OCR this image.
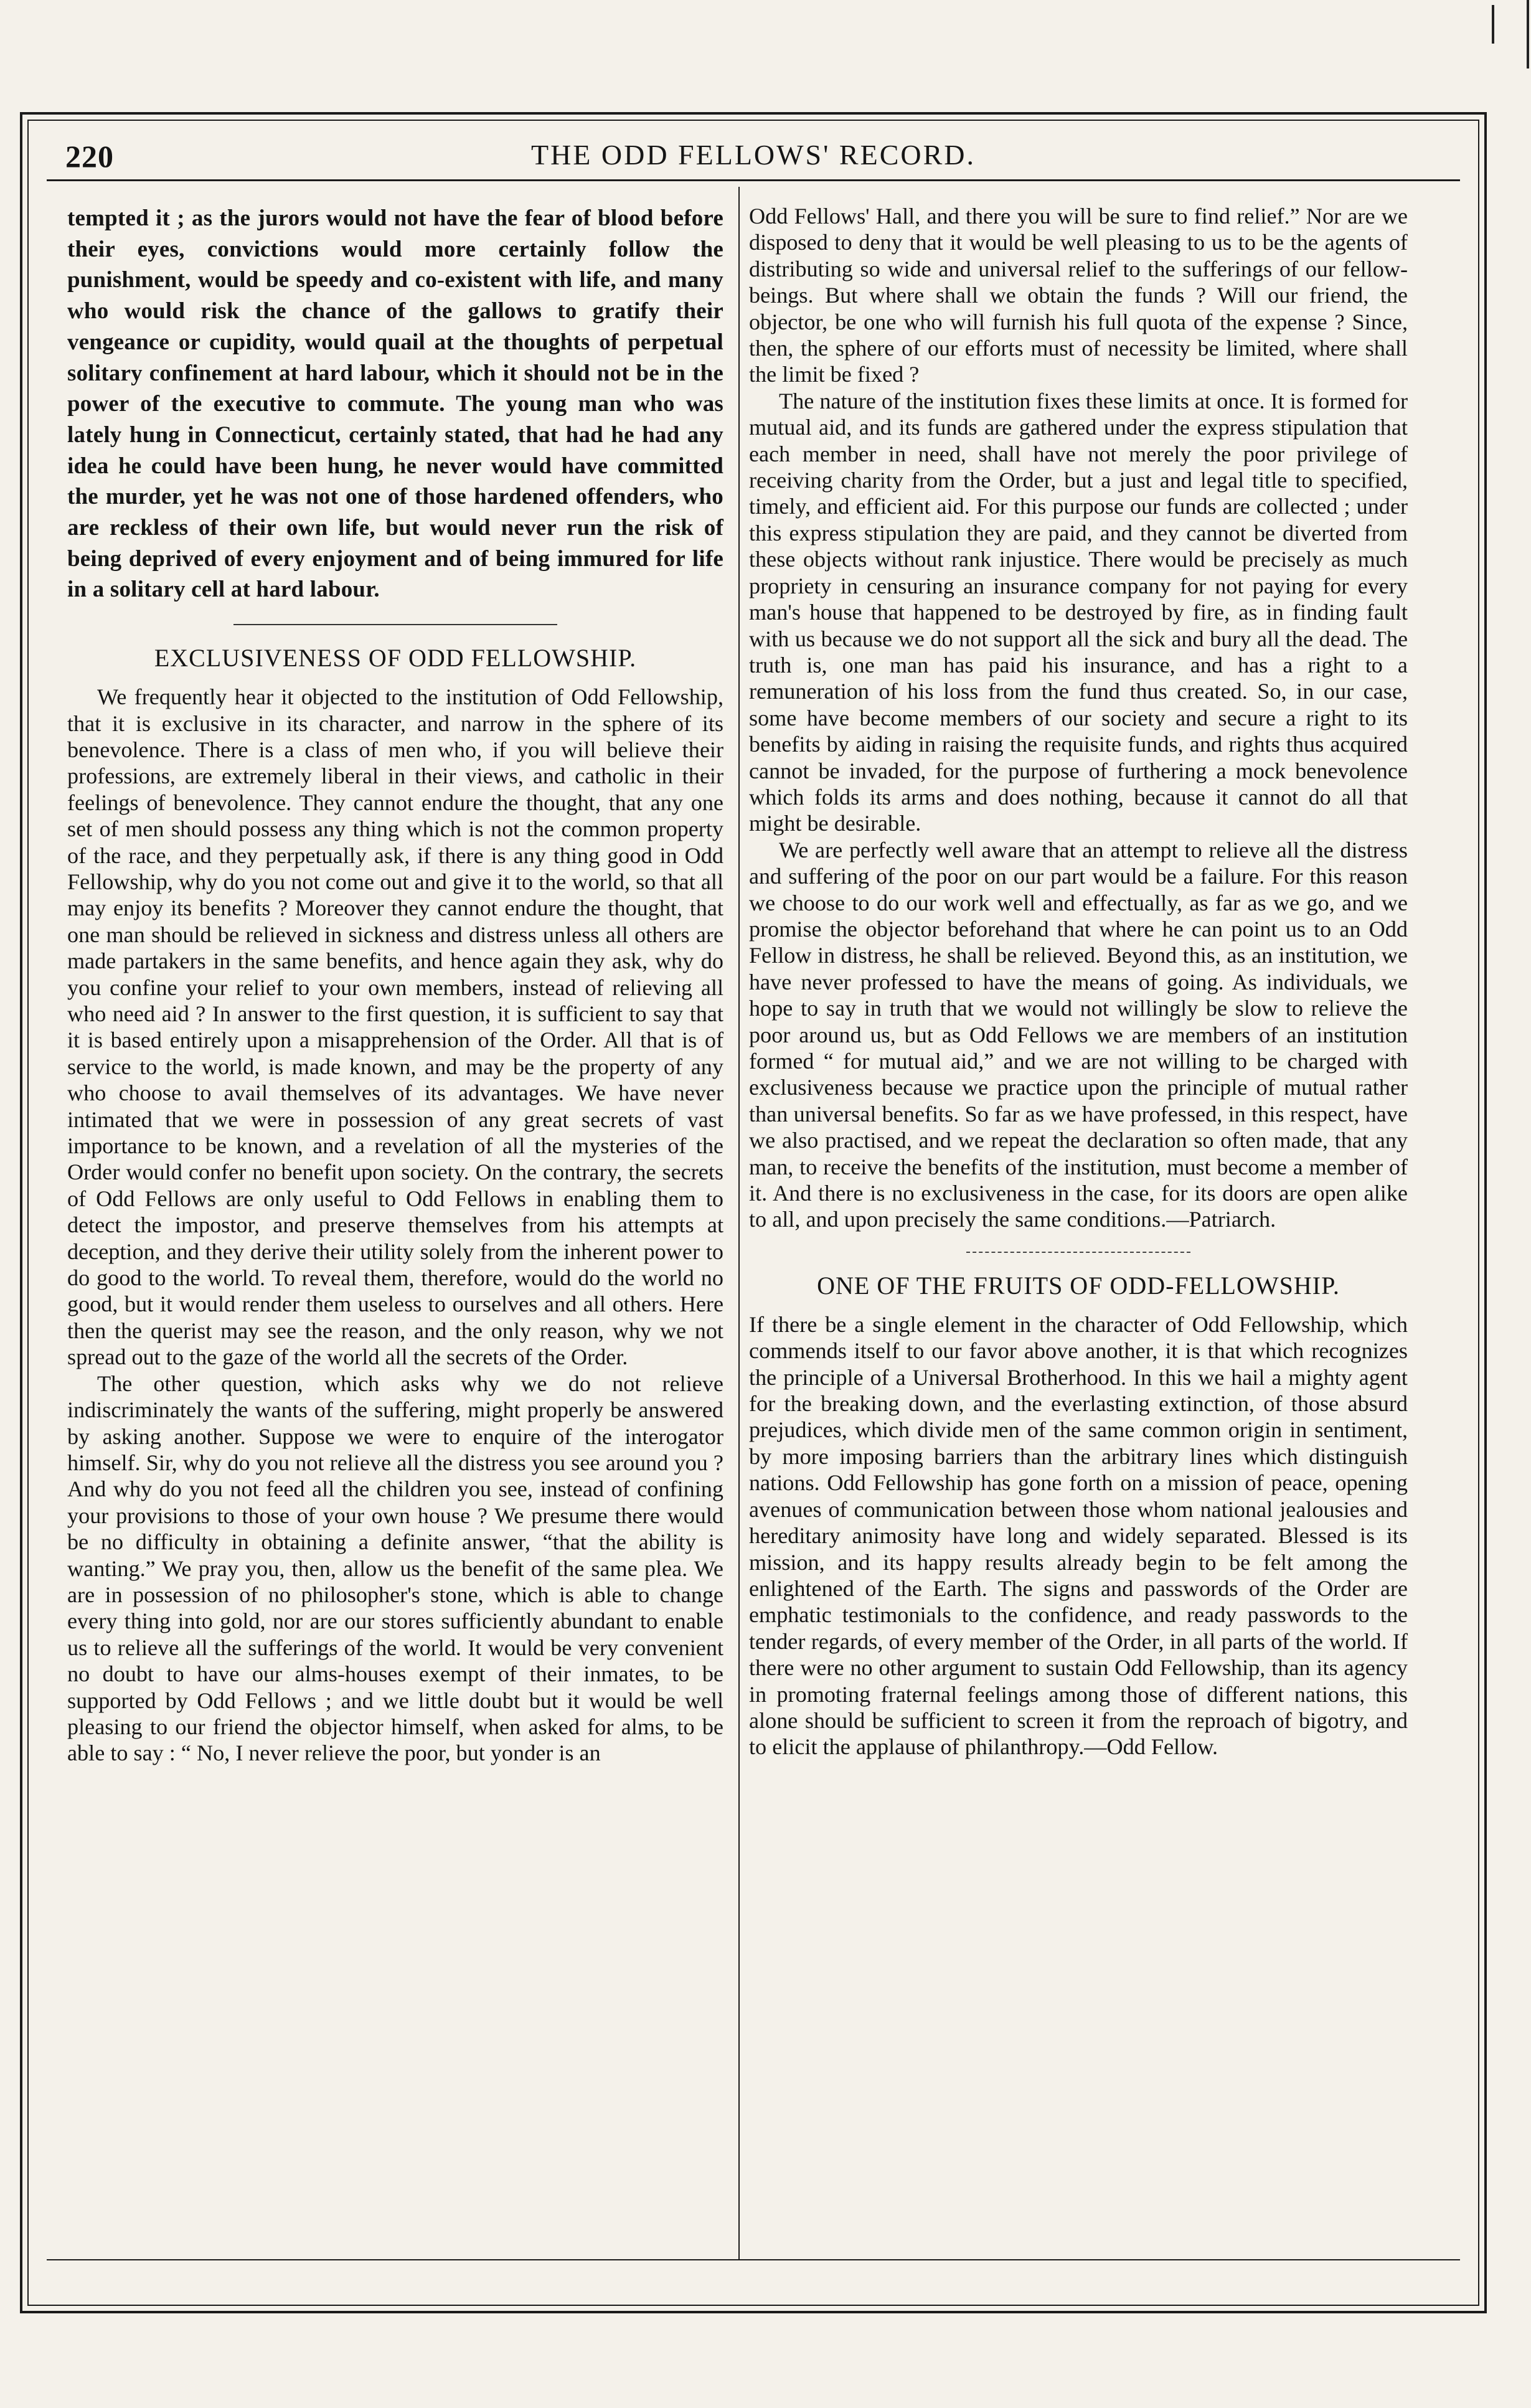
220	THE ODD FELLOWS' RECORD.

tempted it ; as the jurors would not have the fear of blood before their eyes, convictions would more certainly follow the punishment, would be speedy and co-existent with life, and many who would risk the chance of the gallows to gratify their vengeance or cupidity, would quail at the thoughts of perpetual solitary confinement at hard labour, which it should not be in the power of the executive to commute. The young man who was lately hung in Connecticut, certainly stated, that had he had any idea he could have been hung, he never would have committed the murder, yet he was not one of those hardened offenders, who are reckless of their own life, but would never run the risk of being deprived of every enjoyment and of being immured for life in a solitary cell at hard labour.

EXCLUSIVENESS OF ODD FELLOWSHIP.

We frequently hear it objected to the institution of Odd Fellowship, that it is exclusive in its character, and narrow in the sphere of its benevolence. There is a class of men who, if you will believe their professions, are extremely liberal in their views, and catholic in their feelings of benevolence. They cannot endure the thought, that any one set of men should possess any thing which is not the common property of the race, and they perpetually ask, if there is any thing good in Odd Fellowship, why do you not come out and give it to the world, so that all may enjoy its benefits ? Moreover they cannot endure the thought, that one man should be relieved in sickness and distress unless all others are made partakers in the same benefits, and hence again they ask, why do you confine your relief to your own members, instead of relieving all who need aid ? In answer to the first question, it is sufficient to say that it is based entirely upon a misapprehension of the Order. All that is of service to the world, is made known, and may be the property of any who choose to avail themselves of its advantages. We have never intimated that we were in possession of any great secrets of vast importance to be known, and a revelation of all the mysteries of the Order would confer no benefit upon society. On the contrary, the secrets of Odd Fellows are only useful to Odd Fellows in enabling them to detect the impostor, and preserve themselves from his attempts at deception, and they derive their utility solely from the inherent power to do good to the world. To reveal them, therefore, would do the world no good, but it would render them useless to ourselves and all others. Here then the querist may see the reason, and the only reason, why we not spread out to the gaze of the world all the secrets of the Order.

The other question, which asks why we do not relieve indiscriminately the wants of the suffering, might properly be answered by asking another. Suppose we were to enquire of the interogator himself. Sir, why do you not relieve all the distress you see around you ? And why do you not feed all the children you see, instead of confining your provisions to those of your own house ? We presume there would be no difficulty in obtaining a definite answer, “that the ability is wanting.” We pray you, then, allow us the benefit of the same plea. We are in possession of no philosopher's stone, which is able to change every thing into gold, nor are our stores sufficiently abundant to enable us to relieve all the sufferings of the world. It would be very convenient no doubt to have our alms-houses exempt of their inmates, to be supported by Odd Fellows ; and we little doubt but it would be well pleasing to our friend the objector himself, when asked for alms, to be able to say : “ No, I never relieve the poor, but yonder is an

Odd Fellows' Hall, and there you will be sure to find relief.” Nor are we disposed to deny that it would be well pleasing to us to be the agents of distributing so wide and universal relief to the sufferings of our fellow-beings. But where shall we obtain the funds ? Will our friend, the objector, be one who will furnish his full quota of the expense ? Since, then, the sphere of our efforts must of necessity be limited, where shall the limit be fixed ?

The nature of the institution fixes these limits at once. It is formed for mutual aid, and its funds are gathered under the express stipulation that each member in need, shall have not merely the poor privilege of receiving charity from the Order, but a just and legal title to specified, timely, and efficient aid. For this purpose our funds are collected ; under this express stipulation they are paid, and they cannot be diverted from these objects without rank injustice. There would be precisely as much propriety in censuring an insurance company for not paying for every man's house that happened to be destroyed by fire, as in finding fault with us because we do not support all the sick and bury all the dead. The truth is, one man has paid his insurance, and has a right to a remuneration of his loss from the fund thus created. So, in our case, some have become members of our society and secure a right to its benefits by aiding in raising the requisite funds, and rights thus acquired cannot be invaded, for the purpose of furthering a mock benevolence which folds its arms and does nothing, because it cannot do all that might be desirable.

We are perfectly well aware that an attempt to relieve all the distress and suffering of the poor on our part would be a failure. For this reason we choose to do our work well and effectually, as far as we go, and we promise the objector beforehand that where he can point us to an Odd Fellow in distress, he shall be relieved. Beyond this, as an institution, we have never professed to have the means of going. As individuals, we hope to say in truth that we would not willingly be slow to relieve the poor around us, but as Odd Fellows we are members of an institution formed “ for mutual aid,” and we are not willing to be charged with exclusiveness because we practice upon the principle of mutual rather than universal benefits. So far as we have professed, in this respect, have we also practised, and we repeat the declaration so often made, that any man, to receive the benefits of the institution, must become a member of it. And there is no exclusiveness in the case, for its doors are open alike to all, and upon precisely the same conditions.—Patriarch.

ONE OF THE FRUITS OF ODD-FELLOWSHIP.

If there be a single element in the character of Odd Fellowship, which commends itself to our favor above another, it is that which recognizes the principle of a Universal Brotherhood. In this we hail a mighty agent for the breaking down, and the everlasting extinction, of those absurd prejudices, which divide men of the same common origin in sentiment, by more imposing barriers than the arbitrary lines which distinguish nations. Odd Fellowship has gone forth on a mission of peace, opening avenues of communication between those whom national jealousies and hereditary animosity have long and widely separated. Blessed is its mission, and its happy results already begin to be felt among the enlightened of the Earth. The signs and passwords of the Order are emphatic testimonials to the confidence, and ready passwords to the tender regards, of every member of the Order, in all parts of the world. If there were no other argument to sustain Odd Fellowship, than its agency in promoting fraternal feelings among those of different nations, this alone should be sufficient to screen it from the reproach of bigotry, and to elicit the applause of philanthropy.—Odd Fellow.
